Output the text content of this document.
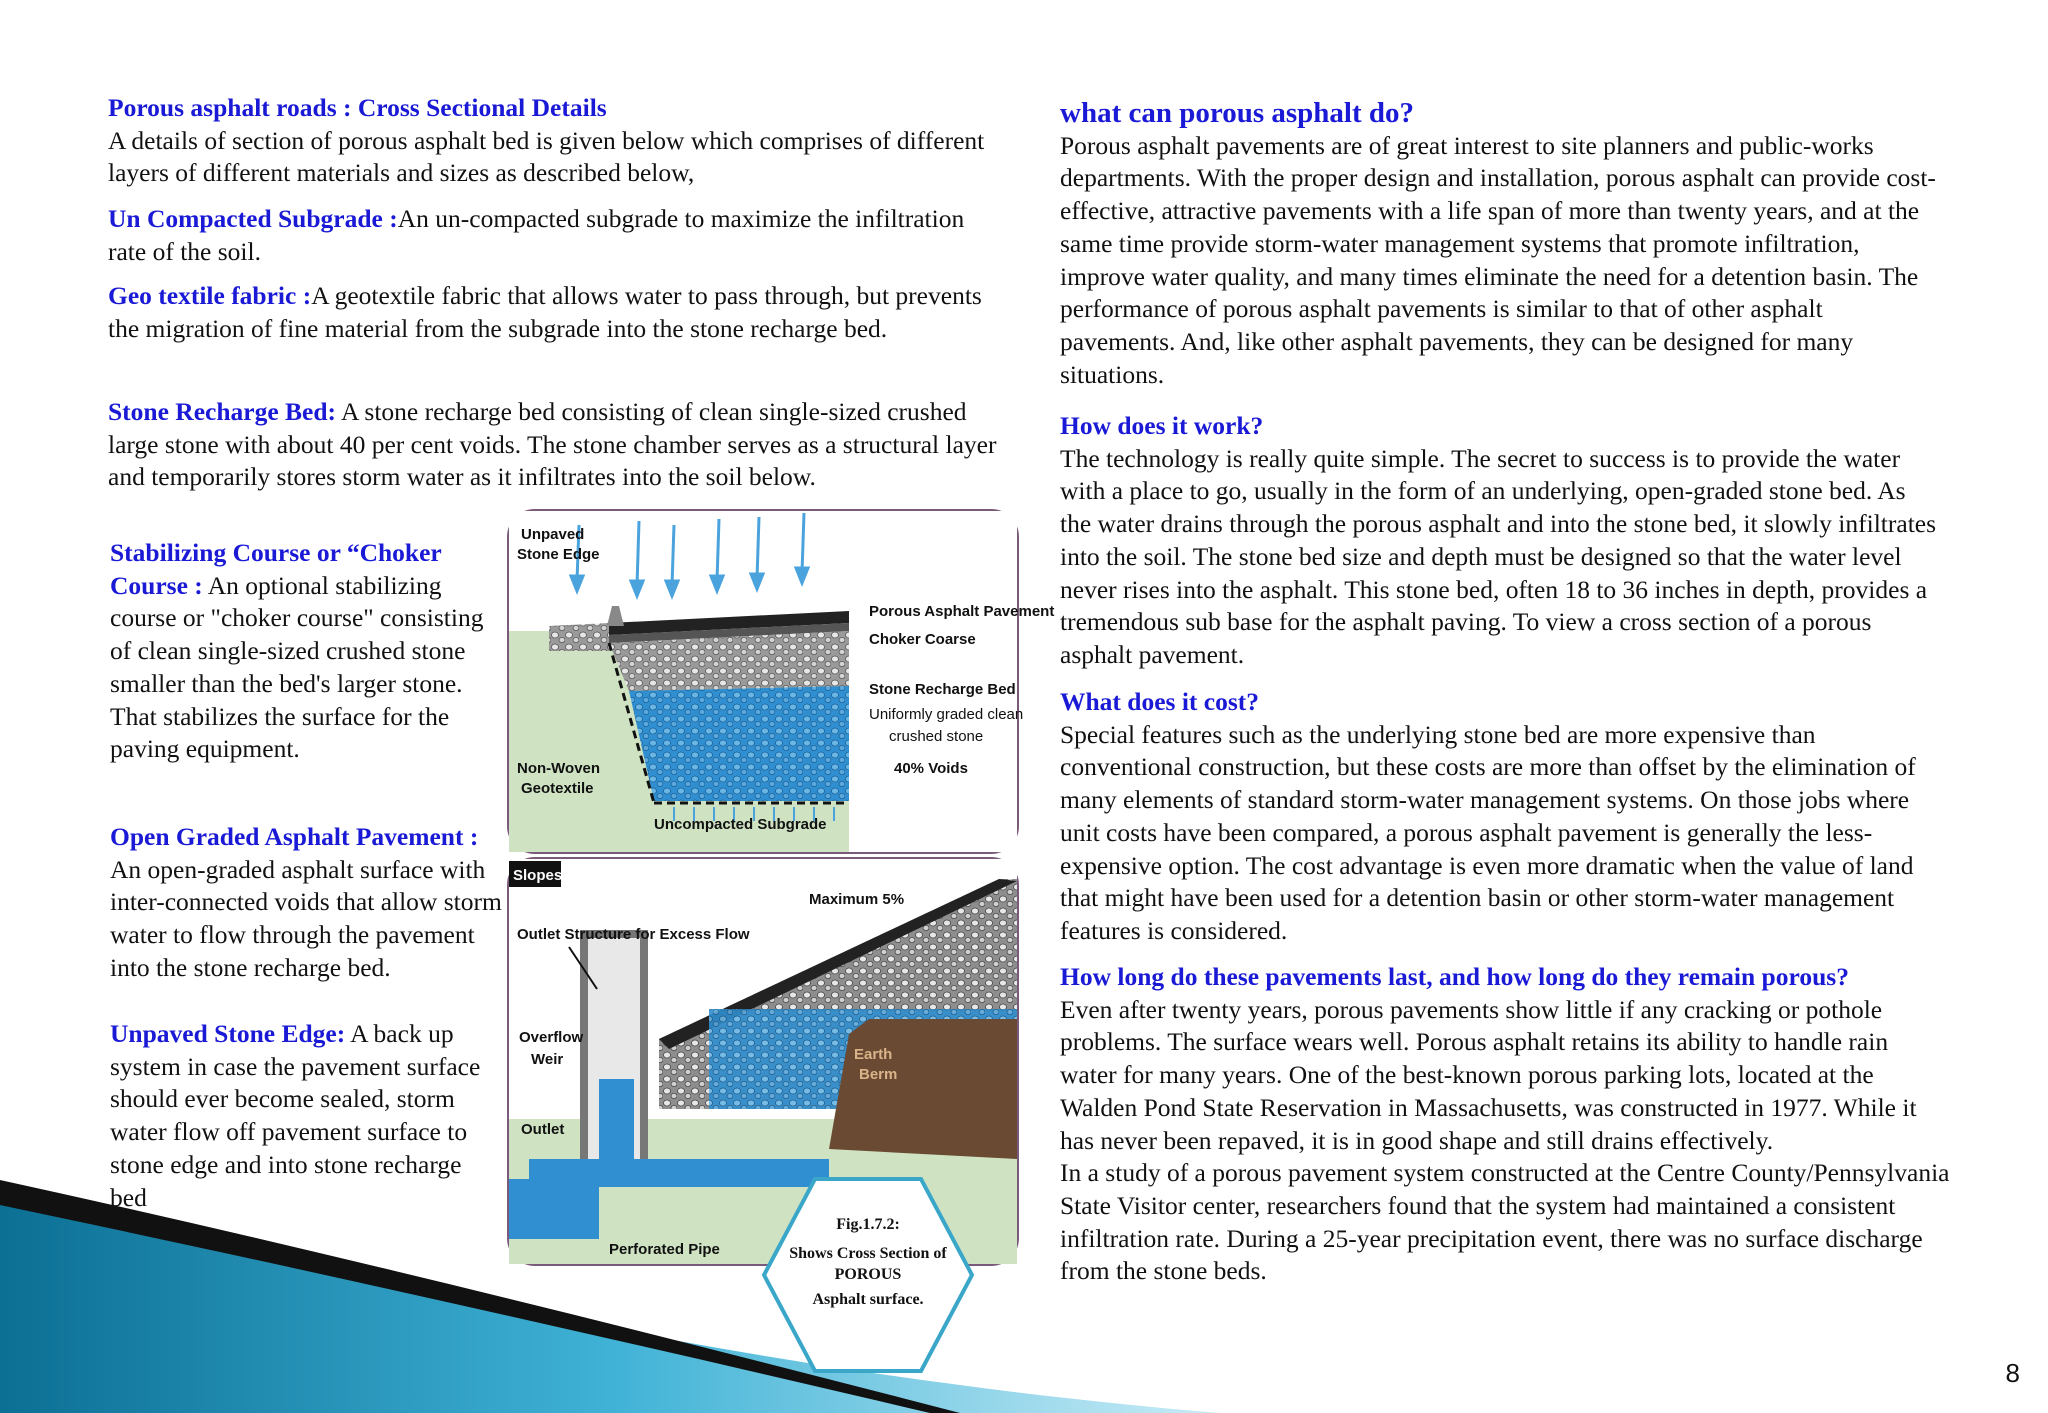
Porous asphalt roads : Cross Sectional Details

A details of section of porous asphalt bed is given below which comprises of different layers of different materials and sizes as described below,

Un Compacted Subgrade :An un-compacted subgrade to maximize the infiltration rate of the soil.
Geo textile fabric :A geotextile fabric that allows water to pass through, but prevents the migration of fine material from the subgrade into the stone recharge bed.
Stone Recharge Bed: A stone recharge bed consisting of clean single-sized crushed large stone with about 40 per cent voids. The stone chamber serves as a structural layer and temporarily stores storm water as it infiltrates into the soil below.
Stabilizing Course or “Choker Course : An optional stabilizing course or "choker course" consisting of clean single-sized crushed stone smaller than the bed's larger stone. That stabilizes the surface for the paving equipment.
Open Graded Asphalt Pavement : An open-graded asphalt surface with inter-connected voids that allow storm water to flow through the pavement into the stone recharge bed.
Unpaved Stone Edge: A back up system in case the pavement surface should ever become sealed, storm water flow off pavement surface to stone edge and into stone recharge bed
Unpaved Stone Edge
Porous Asphalt Pavement
Choker Coarse
Stone Recharge Bed
Uniformly graded clean crushed stone
40% Voids
Non-Woven Geotextile
Uncompacted Subgrade
Slopes
Maximum 5%
Outlet Structure for Excess Flow
Overflow Weir
Outlet
Earth Berm
Perforated Pipe
Fig.1.7.2:
Shows Cross Section of POROUS
Asphalt surface.
what can porous asphalt do?

Porous asphalt pavements are of great interest to site planners and public-works departments. With the proper design and installation, porous asphalt can provide cost-effective, attractive pavements with a life span of more than twenty years, and at the same time provide storm-water management systems that promote infiltration, improve water quality, and many times eliminate the need for a detention basin. The performance of porous asphalt pavements is similar to that of other asphalt pavements. And, like other asphalt pavements, they can be designed for many situations.

How does it work?

The technology is really quite simple. The secret to success is to provide the water with a place to go, usually in the form of an underlying, open-graded stone bed. As the water drains through the porous asphalt and into the stone bed, it slowly infiltrates into the soil. The stone bed size and depth must be designed so that the water level never rises into the asphalt. This stone bed, often 18 to 36 inches in depth, provides a tremendous sub base for the asphalt paving. To view a cross section of a porous asphalt pavement.

What does it cost?

Special features such as the underlying stone bed are more expensive than conventional construction, but these costs are more than offset by the elimination of many elements of standard storm-water management systems. On those jobs where unit costs have been compared, a porous asphalt pavement is generally the less-expensive option. The cost advantage is even more dramatic when the value of land that might have been used for a detention basin or other storm-water management features is considered.

How long do these pavements last, and how long do they remain porous?

Even after twenty years, porous pavements show little if any cracking or pothole problems. The surface wears well. Porous asphalt retains its ability to handle rain water for many years. One of the best-known porous parking lots, located at the Walden Pond State Reservation in Massachusetts, was constructed in 1977. While it has never been repaved, it is in good shape and still drains effectively.

In a study of a porous pavement system constructed at the Centre County/Pennsylvania State Visitor center, researchers found that the system had maintained a consistent infiltration rate. During a 25-year precipitation event, there was no surface discharge from the stone beds.

8
